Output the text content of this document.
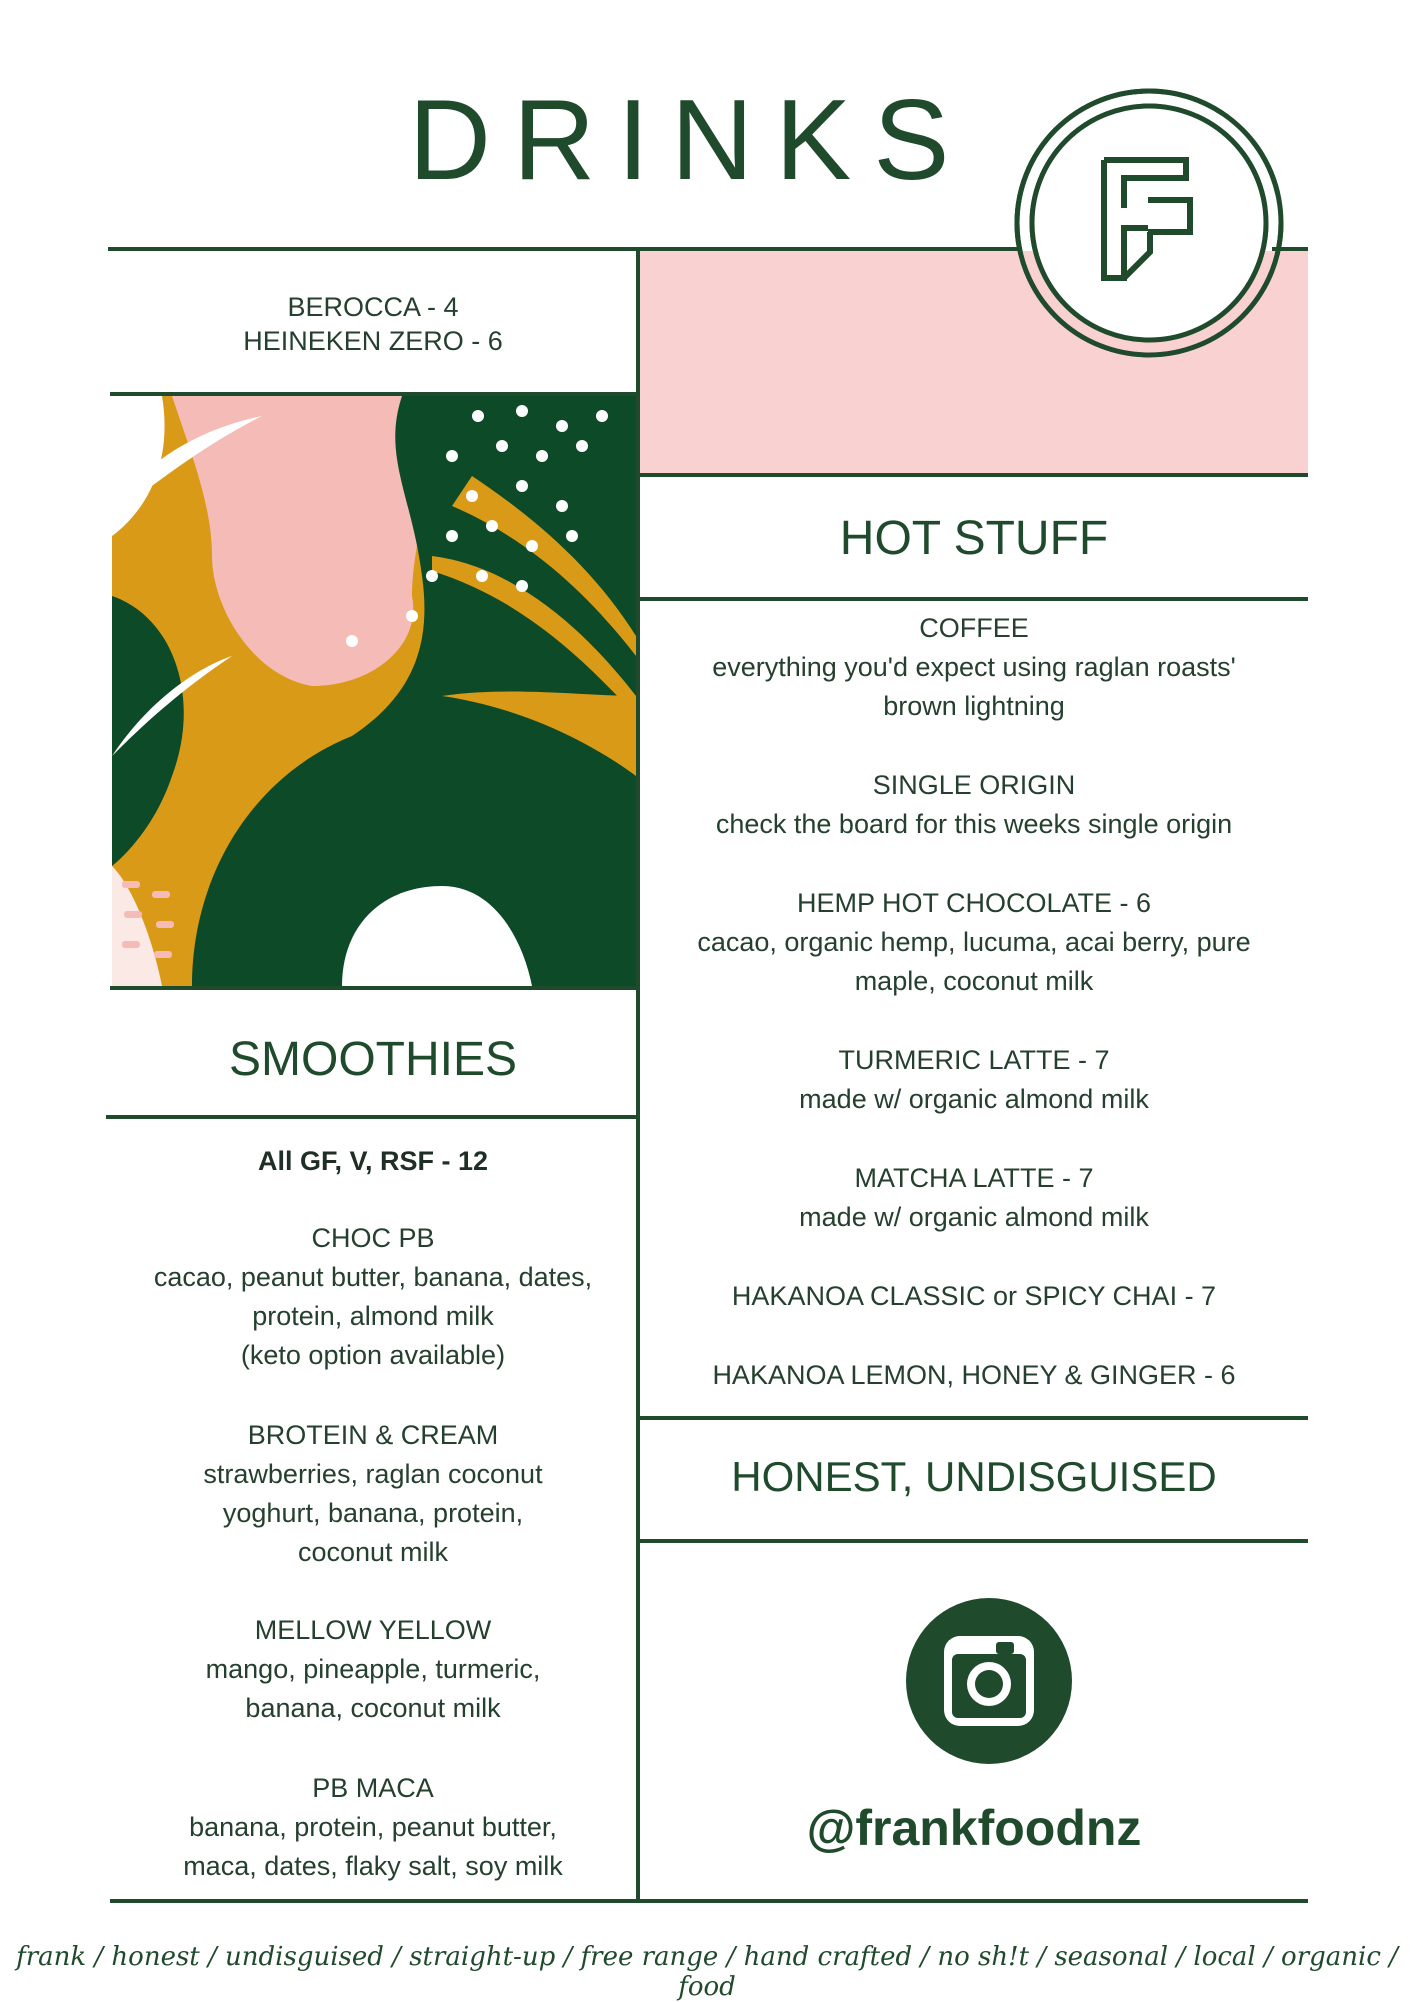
DRINKS
BEROCCA - 4
HEINEKEN ZERO - 6
SMOOTHIES
All GF, V, RSF - 12
CHOC PB
cacao, peanut butter, banana, dates,
protein, almond milk
(keto option available)
BROTEIN & CREAM
strawberries, raglan coconut
yoghurt, banana, protein,
coconut milk
MELLOW YELLOW
mango, pineapple, turmeric,
banana, coconut milk
PB MACA
banana, protein, peanut butter,
maca, dates, flaky salt, soy milk
HOT STUFF
COFFEE
everything you'd expect using raglan roasts'
brown lightning
SINGLE ORIGIN
check the board for this weeks single origin
HEMP HOT CHOCOLATE - 6
cacao, organic hemp, lucuma, acai berry, pure
maple, coconut milk
TURMERIC LATTE - 7
made w/ organic almond milk
MATCHA LATTE - 7
made w/ organic almond milk
HAKANOA CLASSIC or SPICY CHAI - 7
HAKANOA LEMON, HONEY & GINGER - 6
HONEST, UNDISGUISED
@frankfoodnz
frank / honest / undisguised / straight-up / free range / hand crafted / no sh!t / seasonal / local / organic / food
